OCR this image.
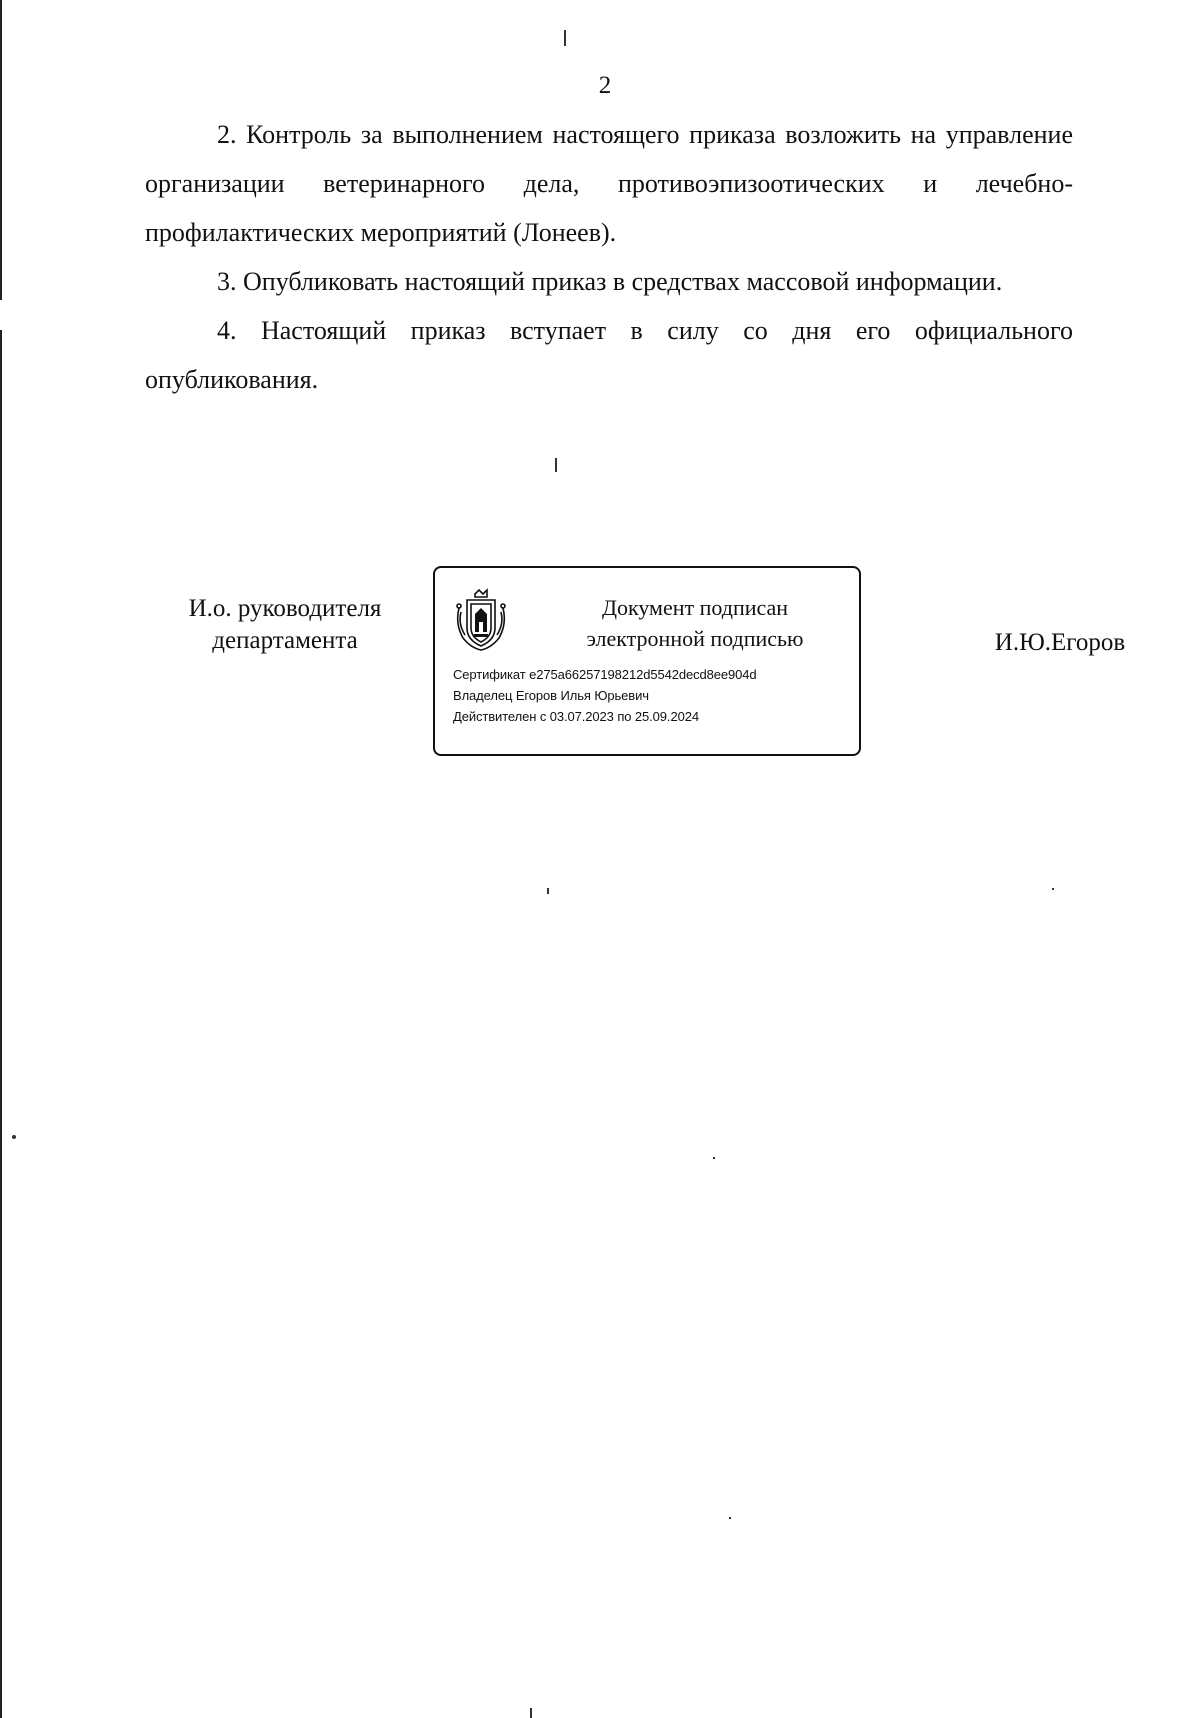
2

2. Контроль за выполнением настоящего приказа возложить на управление организации ветеринарного дела, противоэпизоотических и лечебно-профилактических мероприятий (Лонеев).

3. Опубликовать настоящий приказ в средствах массовой информации.

4. Настоящий приказ вступает в силу со дня его официального опубликования.

И.о. руководителя
департамента
Документ подписан
электронной подписью
Сертификат e275a66257198212d5542decd8ee904d
Владелец Егоров Илья Юрьевич
Действителен с 03.07.2023 по 25.09.2024
И.Ю.Егоров
